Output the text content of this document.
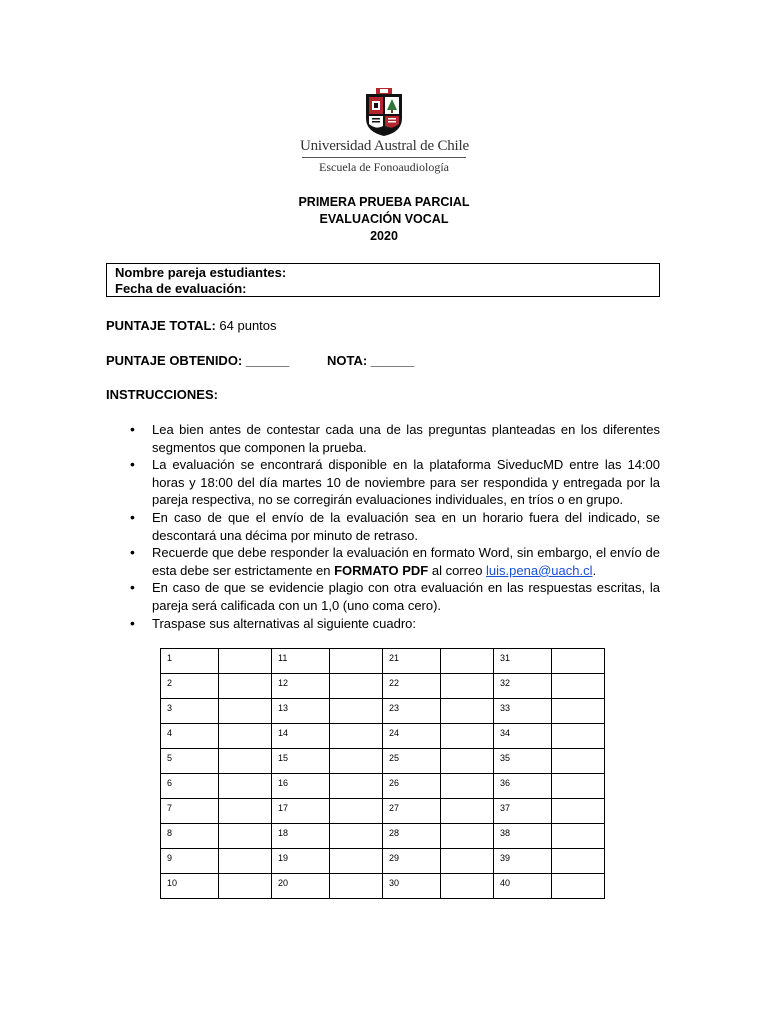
Universidad Austral de Chile
Escuela de Fonoaudiología
PRIMERA PRUEBA PARCIAL
EVALUACIÓN VOCAL
2020
Nombre pareja estudiantes:
Fecha de evaluación:
PUNTAJE TOTAL: 64 puntos
PUNTAJE OBTENIDO: ______	NOTA: ______
INSTRUCCIONES:
• Lea bien antes de contestar cada una de las preguntas planteadas en los diferentes segmentos que componen la prueba.
• La evaluación se encontrará disponible en la plataforma SiveducMD entre las 14:00 horas y 18:00 del día martes 10 de noviembre para ser respondida y entregada por la pareja respectiva, no se corregirán evaluaciones individuales, en tríos o en grupo.
• En caso de que el envío de la evaluación sea en un horario fuera del indicado, se descontará una décima por minuto de retraso.
• Recuerde que debe responder la evaluación en formato Word, sin embargo, el envío de esta debe ser estrictamente en FORMATO PDF al correo luis.pena@uach.cl.
• En caso de que se evidencie plagio con otra evaluación en las respuestas escritas, la pareja será calificada con un 1,0 (uno coma cero).
• Traspase sus alternativas al siguiente cuadro:
1		11		21		31	
2		12		22		32	
3		13		23		33	
4		14		24		34	
5		15		25		35	
6		16		26		36	
7		17		27		37	
8		18		28		38	
9		19		29		39	
10		20		30		40	
